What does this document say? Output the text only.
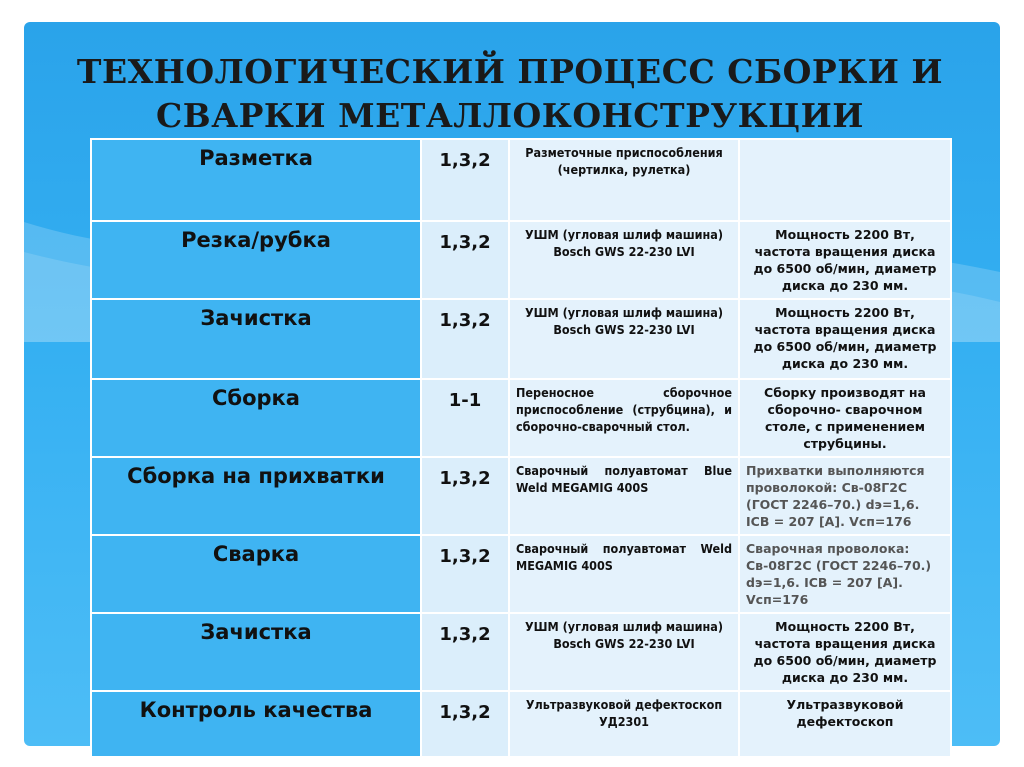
ТЕХНОЛОГИЧЕСКИЙ ПРОЦЕСС СБОРКИ И СВАРКИ МЕТАЛЛОКОНСТРУКЦИИ
Разметка	1,3,2	Разметочные приспособления (чертилка, рулетка)	
Резка/рубка	1,3,2	УШМ (угловая шлиф машина) Bosch GWS 22-230 LVI	Мощность 2200 Вт, частота вращения диска до 6500 об/мин, диаметр диска до 230 мм.
Зачистка	1,3,2	УШМ (угловая шлиф машина) Bosch GWS 22-230 LVI	Мощность 2200 Вт, частота вращения диска до 6500 об/мин, диаметр диска до 230 мм.
Сборка	1-1	Переносное сборочное приспособление (струбцина), и сборочно-сварочный стол.	Сборку производят на сборочно- сварочном столе, с применением струбцины.
Сборка на прихватки	1,3,2	Сварочный полуавтомат Blue Weld MEGAMIG 400S	Прихватки выполняются проволокой: Св-08Г2С (ГОСТ 2246–70.) dэ=1,6. IСВ = 207 [A]. Vсп=176
Сварка	1,3,2	Сварочный полуавтомат Weld MEGAMIG 400S	Сварочная проволока: Св-08Г2С (ГОСТ 2246–70.) dэ=1,6. IСВ = 207 [A]. Vсп=176
Зачистка	1,3,2	УШМ (угловая шлиф машина) Bosch GWS 22-230 LVI	Мощность 2200 Вт, частота вращения диска до 6500 об/мин, диаметр диска до 230 мм.
Контроль качества	1,3,2	Ультразвуковой дефектоскоп УД2301	Ультразвуковой дефектоскоп
